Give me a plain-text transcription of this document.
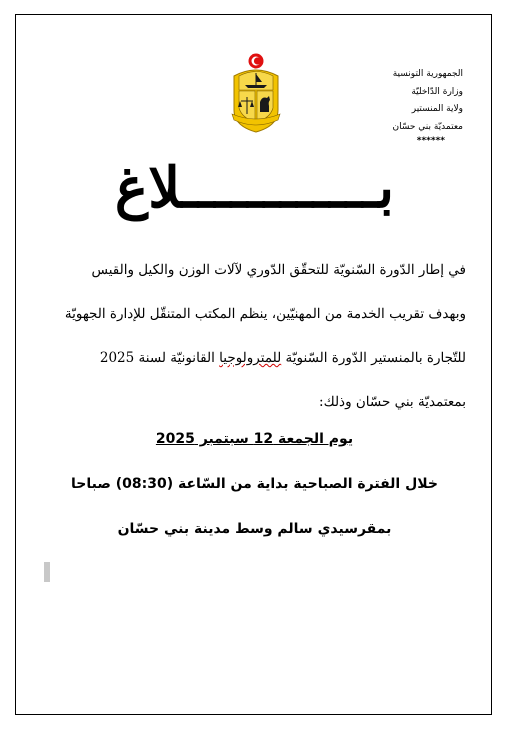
الجمهورية التونسية
وزارة الدّاخليّة
ولاية المنستير
معتمديّة بني حسّان
******
بــــــــــــلاغ
في إطار الدّورة السّنويّة للتحقّق الدّوري لآلات الوزن والكيل والقيس
وبهدف تقريب الخدمة من المهنيّين، ينظم المكتب المتنقّل للإدارة الجهويّة
للتّجارة بالمنستير الدّورة السّنويّة للمترولوجيا القانونيّة لسنة 2025
بمعتمديّة بني حسّان وذلك:
يوم الجمعة 12 سبتمبر 2025
خلال الفترة الصباحية بداية من السّاعة (08:30) صباحا
بمقرسيدي سالم وسط مدينة بني حسّان
